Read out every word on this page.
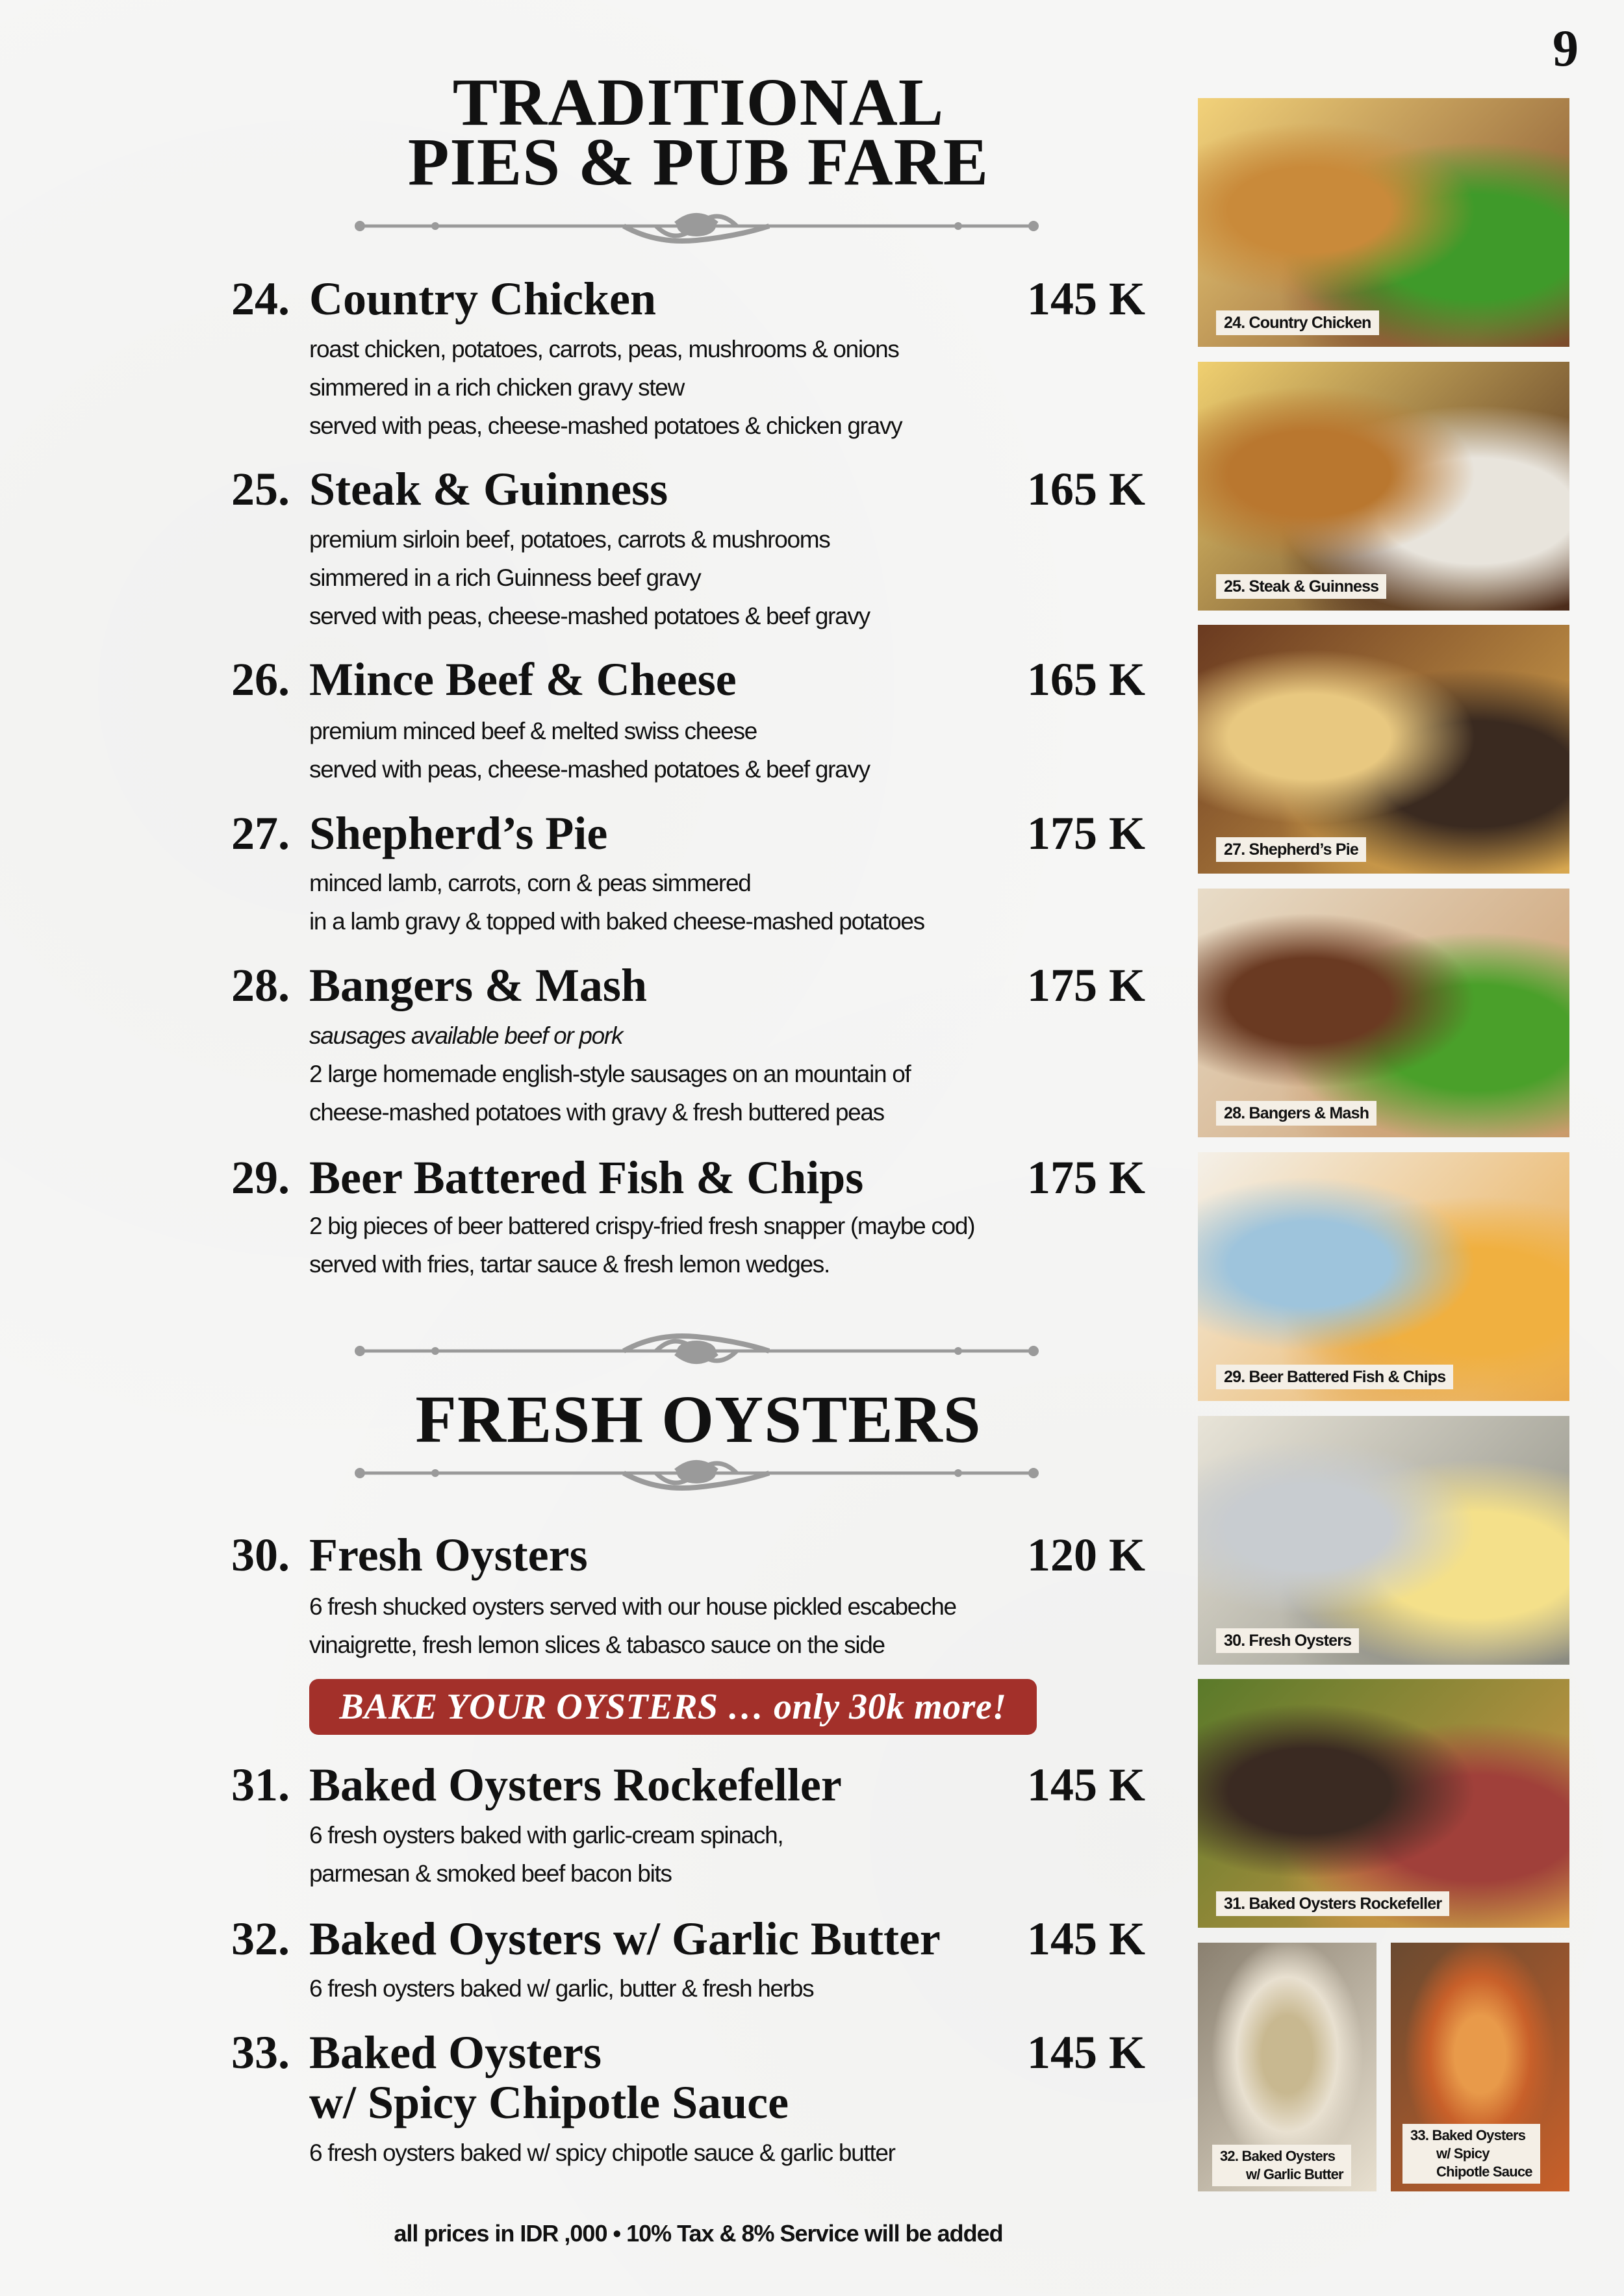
9
TRADITIONAL
PIES & PUB FARE
FRESH OYSTERS
24. Country Chicken	145 K
roast chicken, potatoes, carrots, peas, mushrooms & onions
simmered in a rich chicken gravy stew
served with peas, cheese-mashed potatoes & chicken gravy
25. Steak & Guinness	165 K
premium sirloin beef, potatoes, carrots & mushrooms
simmered in a rich Guinness beef gravy
served with peas, cheese-mashed potatoes & beef gravy
26. Mince Beef & Cheese	165 K
premium minced beef & melted swiss cheese
served with peas, cheese-mashed potatoes & beef gravy
27. Shepherd’s Pie	175 K
minced lamb, carrots, corn & peas simmered
in a lamb gravy & topped with baked cheese-mashed potatoes
28. Bangers & Mash	175 K
sausages available beef or pork
2 large homemade english-style sausages on an mountain of
cheese-mashed potatoes with gravy & fresh buttered peas
29. Beer Battered Fish & Chips	175 K
2 big pieces of beer battered crispy-fried fresh snapper (maybe cod)
served with fries, tartar sauce & fresh lemon wedges.
30. Fresh Oysters	120 K
6 fresh shucked oysters served with our house pickled escabeche
vinaigrette, fresh lemon slices & tabasco sauce on the side
31. Baked Oysters Rockefeller	145 K
6 fresh oysters baked with garlic-cream spinach,
parmesan & smoked beef bacon bits
32. Baked Oysters w/ Garlic Butter	145 K
6 fresh oysters baked w/ garlic, butter & fresh herbs
33. Baked Oysters
w/ Spicy Chipotle Sauce
145 K
6 fresh oysters baked w/ spicy chipotle sauce & garlic butter
BAKE YOUR OYSTERS … only 30k more!
24. Country Chicken
25. Steak & Guinness
27. Shepherd’s Pie
28. Bangers & Mash
29. Beer Battered Fish & Chips
30. Fresh Oysters
31. Baked Oysters Rockefeller
32. Baked Oysters
w/ Garlic Butter
33. Baked Oysters
w/ Spicy
Chipotle Sauce
all prices in IDR ,000 • 10% Tax & 8% Service will be added
